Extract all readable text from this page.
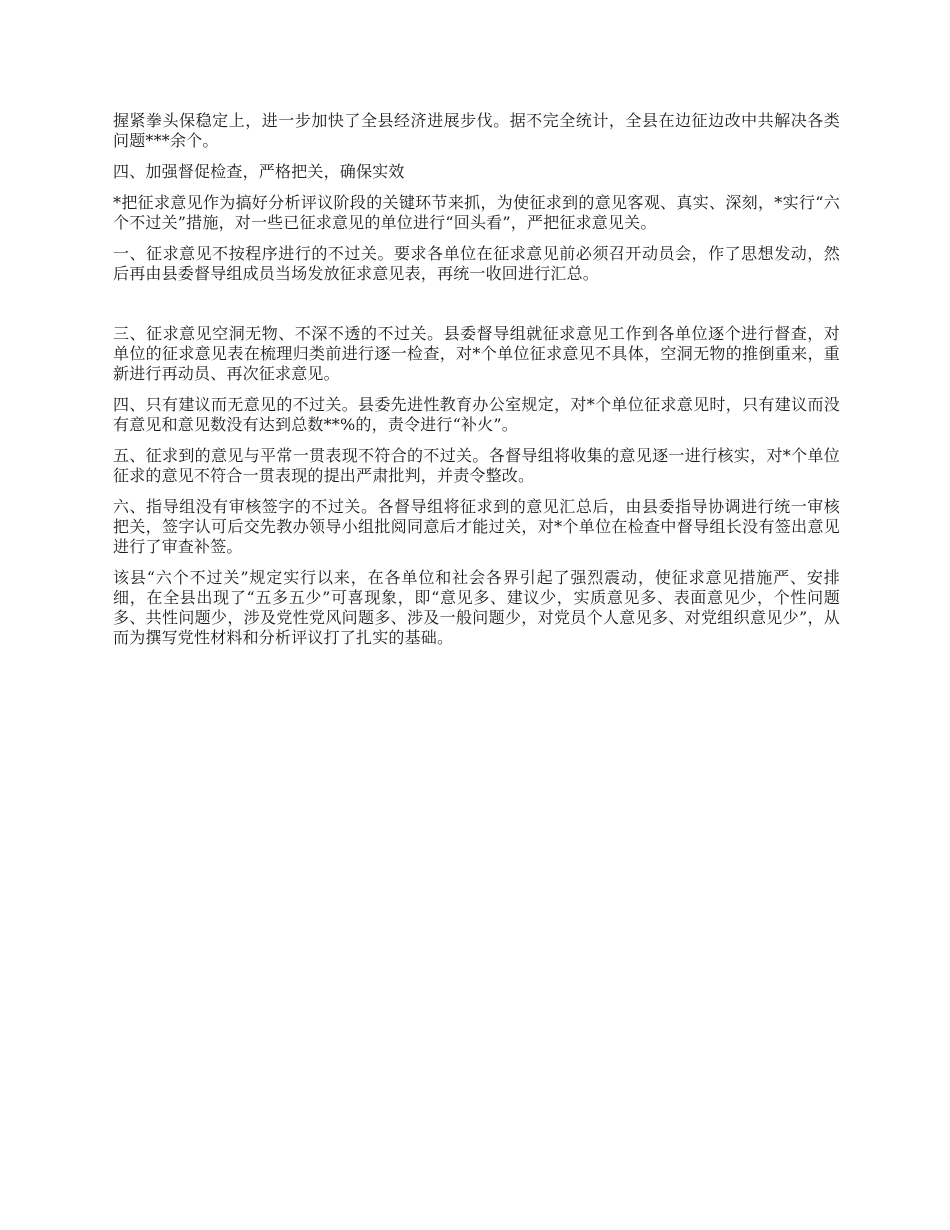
握紧拳头保稳定上，进一步加快了全县经济进展步伐。据不完全统计，全县在边征边改中共解决各类问题***余个。

四、加强督促检查，严格把关，确保实效

*把征求意见作为搞好分析评议阶段的关键环节来抓，为使征求到的意见客观、真实、深刻，*实行“六个不过关”措施，对一些已征求意见的单位进行“回头看”，严把征求意见关。

一、征求意见不按程序进行的不过关。要求各单位在征求意见前必须召开动员会，作了思想发动，然后再由县委督导组成员当场发放征求意见表，再统一收回进行汇总。

三、征求意见空洞无物、不深不透的不过关。县委督导组就征求意见工作到各单位逐个进行督查，对单位的征求意见表在梳理归类前进行逐一检查，对*个单位征求意见不具体，空洞无物的推倒重来，重新进行再动员、再次征求意见。

四、只有建议而无意见的不过关。县委先进性教育办公室规定，对*个单位征求意见时，只有建议而没有意见和意见数没有达到总数**%的，责令进行“补火”。

五、征求到的意见与平常一贯表现不符合的不过关。各督导组将收集的意见逐一进行核实，对*个单位征求的意见不符合一贯表现的提出严肃批判，并责令整改。

六、指导组没有审核签字的不过关。各督导组将征求到的意见汇总后，由县委指导协调进行统一审核把关，签字认可后交先教办领导小组批阅同意后才能过关，对*个单位在检查中督导组长没有签出意见进行了审查补签。

该县“六个不过关”规定实行以来，在各单位和社会各界引起了强烈震动，使征求意见措施严、安排细，在全县出现了“五多五少”可喜现象，即“意见多、建议少，实质意见多、表面意见少，个性问题多、共性问题少，涉及党性党风问题多、涉及一般问题少，对党员个人意见多、对党组织意见少”，从而为撰写党性材料和分析评议打了扎实的基础。
